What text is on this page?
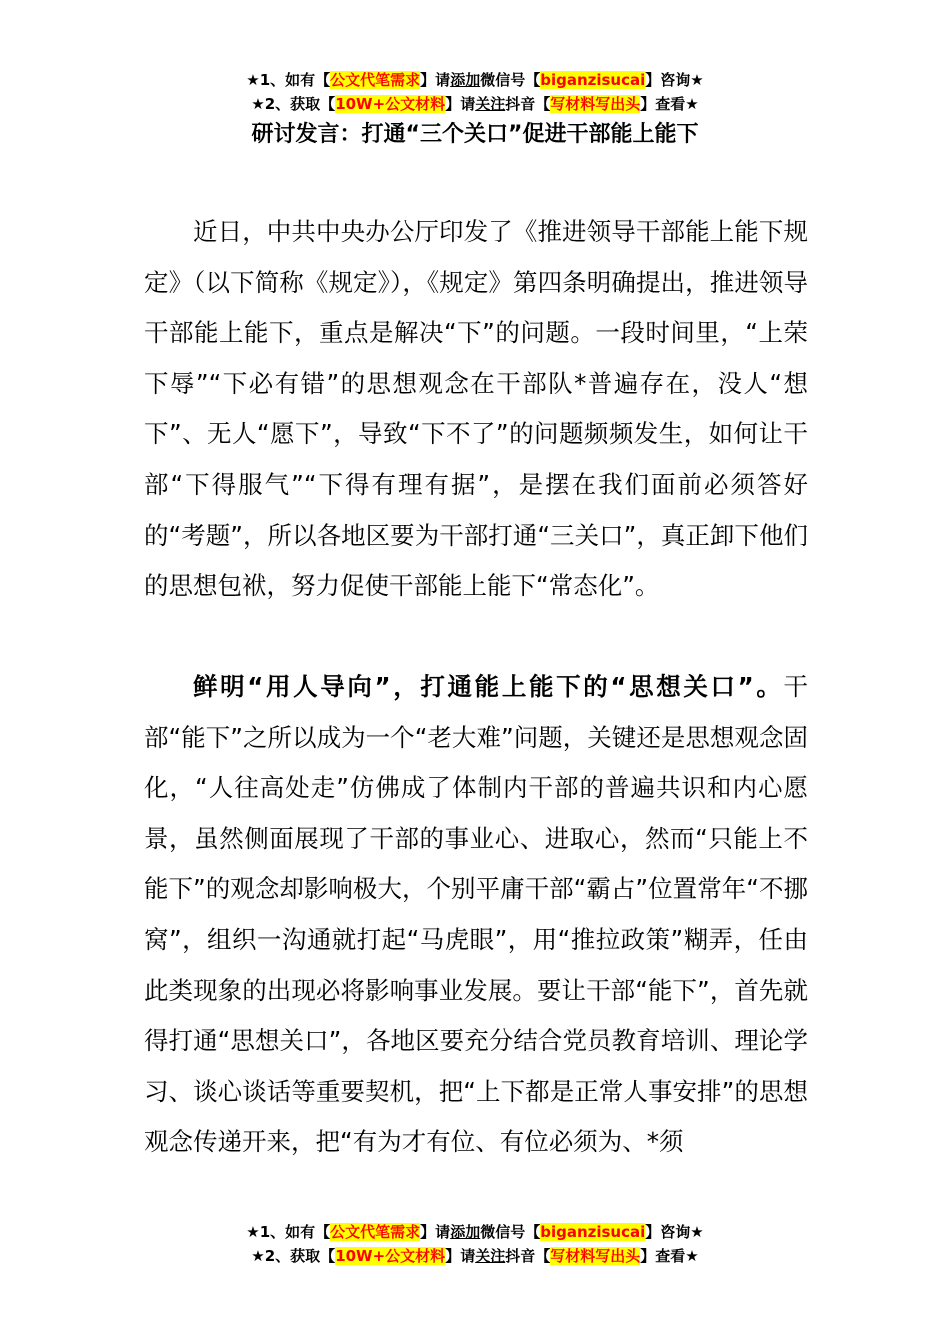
★1、如有【公文代笔需求】请添加微信号【biganzisucai】咨询★
★2、获取【10W+公文材料】请关注抖音【写材料写出头】查看★
研讨发言：打通“三个关口”促进干部能上能下

近日，中共中央办公厅印发了《推进领导干部能上能下规定》（以下简称《规定》），《规定》第四条明确提出，推进领导干部能上能下，重点是解决“下”的问题。一段时间里，“上荣下辱”“下必有错”的思想观念在干部队*普遍存在，没人“想下”、无人“愿下”，导致“下不了”的问题频频发生，如何让干部“下得服气”“下得有理有据”，是摆在我们面前必须答好的“考题”，所以各地区要为干部打通“三关口”，真正卸下他们的思想包袱，努力促使干部能上能下“常态化”。

鲜明“用人导向”，打通能上能下的“思想关口”。干部“能下”之所以成为一个“老大难”问题，关键还是思想观念固化，“人往高处走”仿佛成了体制内干部的普遍共识和内心愿景，虽然侧面展现了干部的事业心、进取心，然而“只能上不能下”的观念却影响极大，个别平庸干部“霸占”位置常年“不挪窝”，组织一沟通就打起“马虎眼”，用“推拉政策”糊弄，任由此类现象的出现必将影响事业发展。要让干部“能下”，首先就得打通“思想关口”，各地区要充分结合党员教育培训、理论学习、谈心谈话等重要契机，把“上下都是正常人事安排”的思想观念传递开来，把“有为才有位、有位必须为、*须

★1、如有【公文代笔需求】请添加微信号【biganzisucai】咨询★
★2、获取【10W+公文材料】请关注抖音【写材料写出头】查看★
